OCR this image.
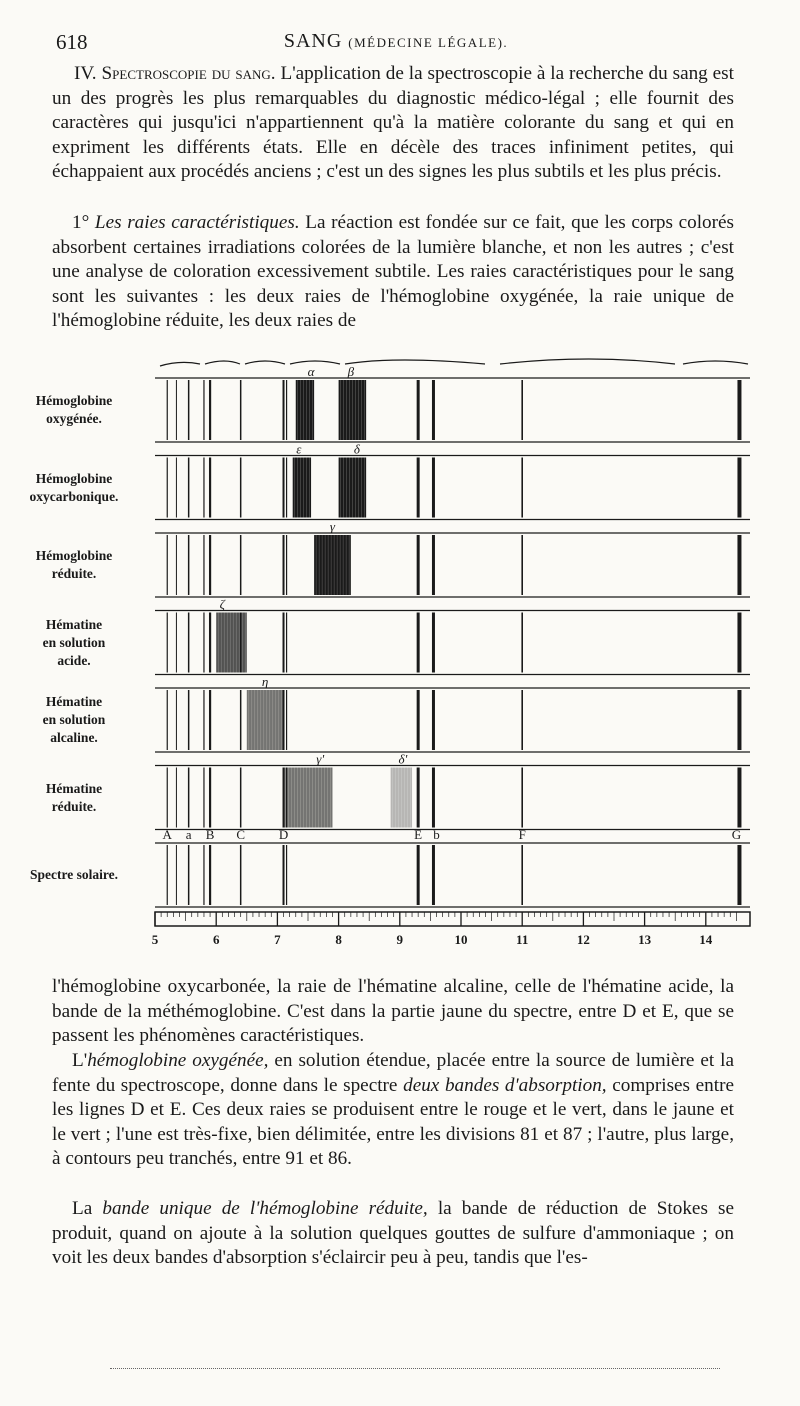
618	SANG (MÉDECINE LÉGALE).

IV. Spectroscopie du sang. L'application de la spectroscopie à la recherche du sang est un des progrès les plus remarquables du diagnostic médico-légal ; elle fournit des caractères qui jusqu'ici n'appartiennent qu'à la matière colorante du sang et qui en expriment les différents états. Elle en décèle des traces infiniment petites, qui échappaient aux procédés anciens ; c'est un des signes les plus subtils et les plus précis.

1° Les raies caractéristiques. La réaction est fondée sur ce fait, que les corps colorés absorbent certaines irradiations colorées de la lumière blanche, et non les autres ; c'est une analyse de coloration excessivement subtile. Les raies caractéristiques pour le sang sont les suivantes : les deux raies de l'hémoglobine oxygénée, la raie unique de l'hémoglobine réduite, les deux raies de

Hémoglobine
oxygénée.
Hémoglobine
oxycarbonique.
Hémoglobine
réduite.
Hématine
en solution
acide.
Hématine
en solution
alcaline.
Hématine
réduite.
Spectre solaire.
α	β
ε	δ
γ
ζ
η
γ'	δ'
A a B C	D	E b	F	G
5	6	7	8	9	10	11	12	13	14

l'hémoglobine oxycarbonée, la raie de l'hématine alcaline, celle de l'hématine acide, la bande de la méthémoglobine. C'est dans la partie jaune du spectre, entre D et E, que se passent les phénomènes caractéristiques.

L'hémoglobine oxygénée, en solution étendue, placée entre la source de lumière et la fente du spectroscope, donne dans le spectre deux bandes d'absorption, comprises entre les lignes D et E. Ces deux raies se produisent entre le rouge et le vert, dans le jaune et le vert ; l'une est très-fixe, bien délimitée, entre les divisions 81 et 87 ; l'autre, plus large, à contours peu tranchés, entre 91 et 86.

La bande unique de l'hémoglobine réduite, la bande de réduction de Stokes se produit, quand on ajoute à la solution quelques gouttes de sulfure d'ammoniaque ; on voit les deux bandes d'absorption s'éclaircir peu à peu, tandis que l'es-
